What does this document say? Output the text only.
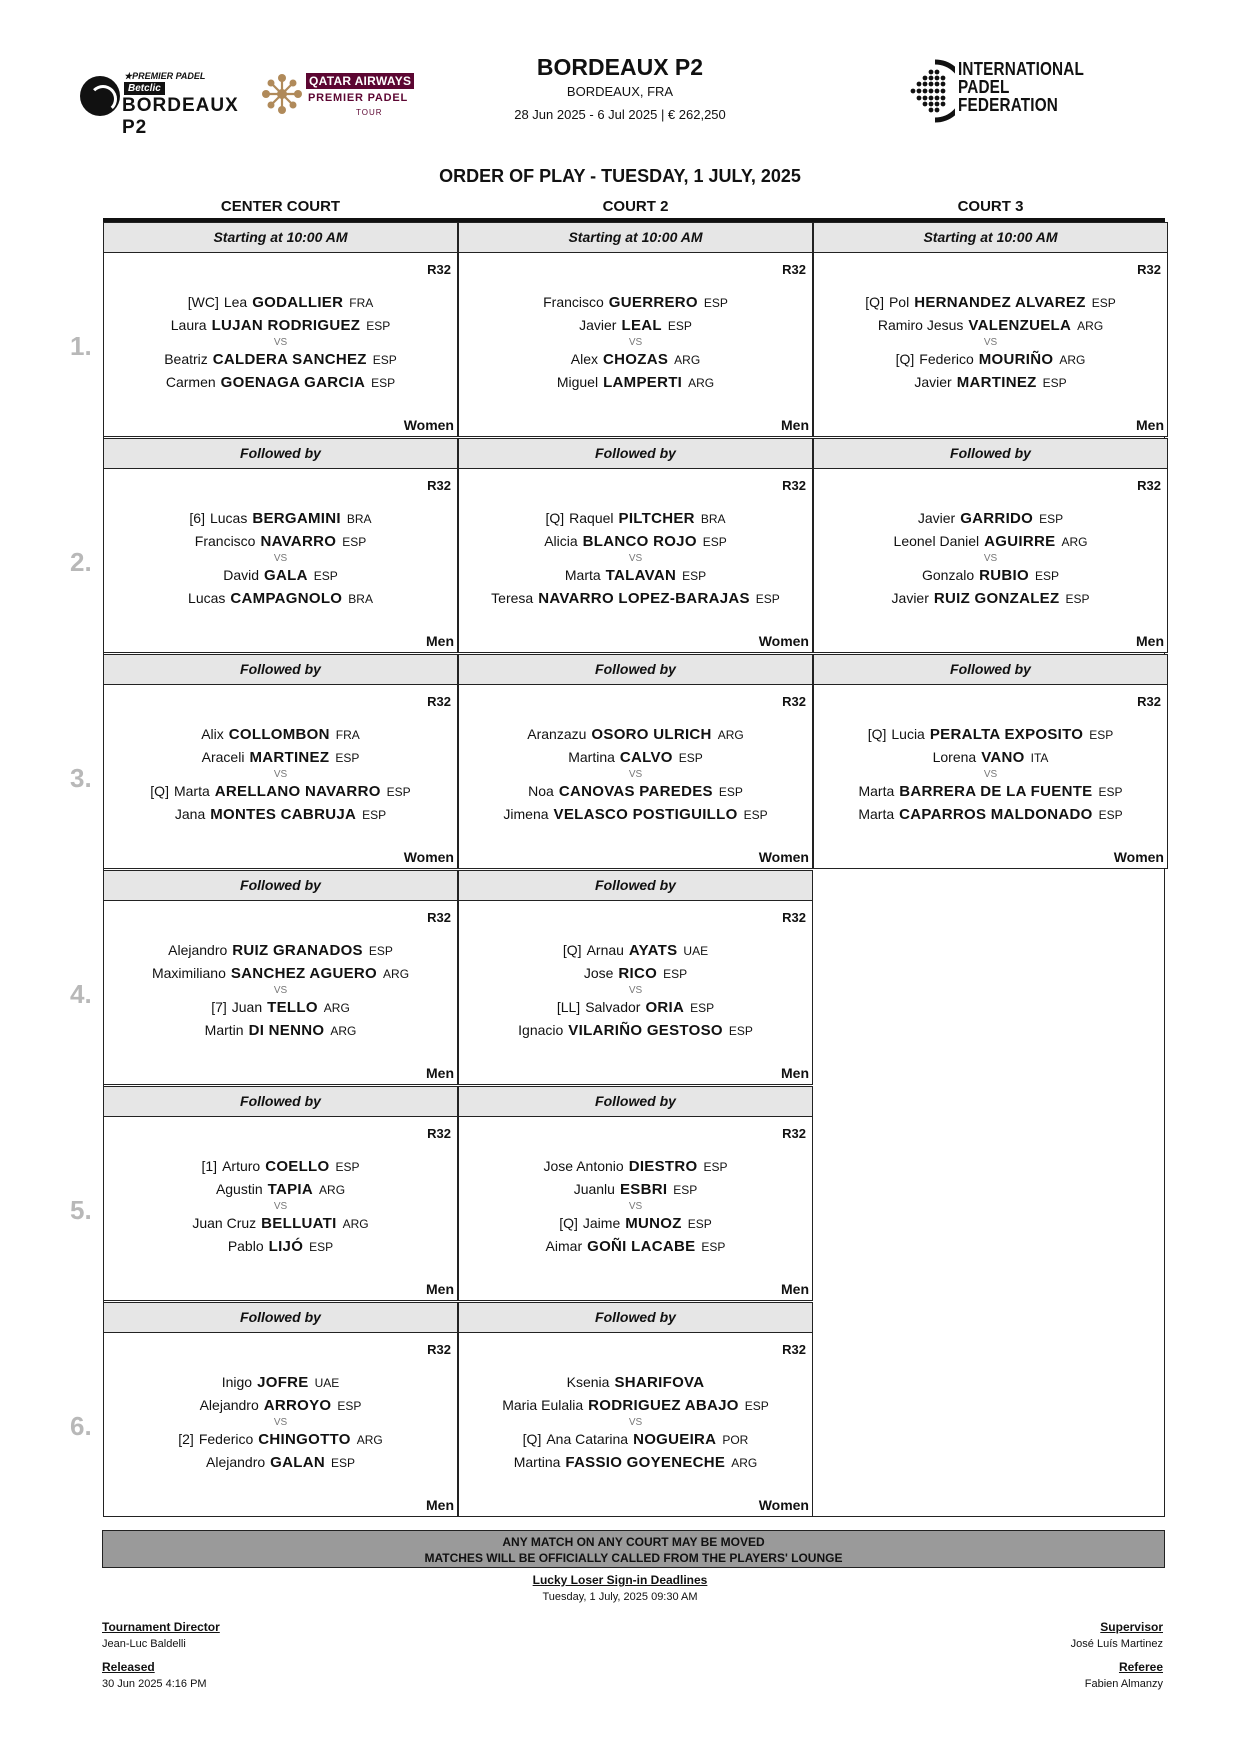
★PREMIER PADEL
Betclic
BORDEAUX P2
QATAR AIRWAYS
PREMIER PADEL
TOUR
BORDEAUX P2
BORDEAUX, FRA
28 Jun 2025 - 6 Jul 2025 | € 262,250
INTERNATIONAL
PADEL
FEDERATION
ORDER OF PLAY - TUESDAY, 1 JULY, 2025
CENTER COURT	COURT 2	COURT 3
1.
2.
3.
4.
5.
6.
Starting at 10:00 AM
R32
[WC] Lea GODALLIER FRA
Laura LUJAN RODRIGUEZ ESP
VS
Beatriz CALDERA SANCHEZ ESP
Carmen GOENAGA GARCIA ESP
Women
Followed by
R32
[6] Lucas BERGAMINI BRA
Francisco NAVARRO ESP
VS
David GALA ESP
Lucas CAMPAGNOLO BRA
Men
Followed by
R32
Alix COLLOMBON FRA
Araceli MARTINEZ ESP
VS
[Q] Marta ARELLANO NAVARRO ESP
Jana MONTES CABRUJA ESP
Women
Followed by
R32
Alejandro RUIZ GRANADOS ESP
Maximiliano SANCHEZ AGUERO ARG
VS
[7] Juan TELLO ARG
Martin DI NENNO ARG
Men
Followed by
R32
[1] Arturo COELLO ESP
Agustin TAPIA ARG
VS
Juan Cruz BELLUATI ARG
Pablo LIJÓ ESP
Men
Followed by
R32
Inigo JOFRE UAE
Alejandro ARROYO ESP
VS
[2] Federico CHINGOTTO ARG
Alejandro GALAN ESP
Men
Starting at 10:00 AM
R32
Francisco GUERRERO ESP
Javier LEAL ESP
VS
Alex CHOZAS ARG
Miguel LAMPERTI ARG
Men
Followed by
R32
[Q] Raquel PILTCHER BRA
Alicia BLANCO ROJO ESP
VS
Marta TALAVAN ESP
Teresa NAVARRO LOPEZ-BARAJAS ESP
Women
Followed by
R32
Aranzazu OSORO ULRICH ARG
Martina CALVO ESP
VS
Noa CANOVAS PAREDES ESP
Jimena VELASCO POSTIGUILLO ESP
Women
Followed by
R32
[Q] Arnau AYATS UAE
Jose RICO ESP
VS
[LL] Salvador ORIA ESP
Ignacio VILARIÑO GESTOSO ESP
Men
Followed by
R32
Jose Antonio DIESTRO ESP
Juanlu ESBRI ESP
VS
[Q] Jaime MUNOZ ESP
Aimar GOÑI LACABE ESP
Men
Followed by
R32
Ksenia SHARIFOVA
Maria Eulalia RODRIGUEZ ABAJO ESP
VS
[Q] Ana Catarina NOGUEIRA POR
Martina FASSIO GOYENECHE ARG
Women
Starting at 10:00 AM
R32
[Q] Pol HERNANDEZ ALVAREZ ESP
Ramiro Jesus VALENZUELA ARG
VS
[Q] Federico MOURIÑO ARG
Javier MARTINEZ ESP
Men
Followed by
R32
Javier GARRIDO ESP
Leonel Daniel AGUIRRE ARG
VS
Gonzalo RUBIO ESP
Javier RUIZ GONZALEZ ESP
Men
Followed by
R32
[Q] Lucia PERALTA EXPOSITO ESP
Lorena VANO ITA
VS
Marta BARRERA DE LA FUENTE ESP
Marta CAPARROS MALDONADO ESP
Women
ANY MATCH ON ANY COURT MAY BE MOVED
MATCHES WILL BE OFFICIALLY CALLED FROM THE PLAYERS' LOUNGE
Lucky Loser Sign-in Deadlines
Tuesday, 1 July, 2025 09:30 AM
Tournament Director
Jean-Luc Baldelli
Released
30 Jun 2025 4:16 PM
Supervisor
José Luís Martinez
Referee
Fabien Almanzy
